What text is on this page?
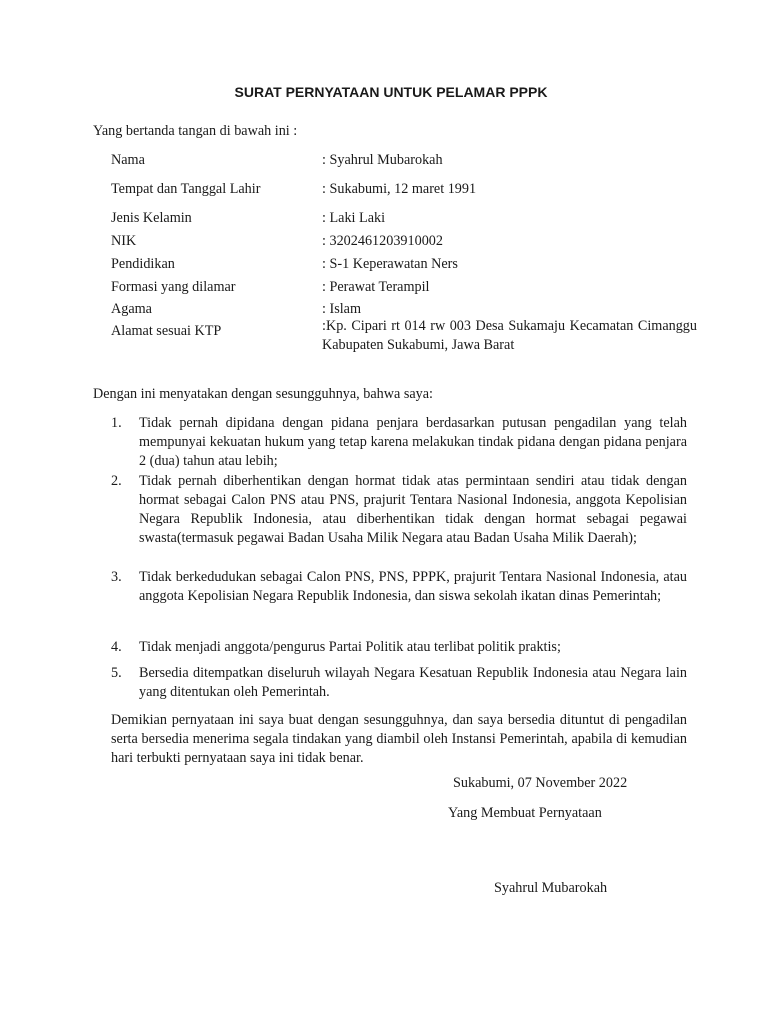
SURAT PERNYATAAN UNTUK PELAMAR PPPK
Yang bertanda tangan di bawah ini :
Nama	: Syahrul Mubarokah
Tempat dan Tanggal Lahir	: Sukabumi, 12 maret 1991
Jenis Kelamin	: Laki Laki
NIK	: 3202461203910002
Pendidikan	: S-1 Keperawatan Ners
Formasi yang dilamar	: Perawat Terampil
Agama	: Islam
Alamat sesuai KTP	:Kp. Cipari rt 014 rw 003 Desa Sukamaju Kecamatan Cimanggu Kabupaten Sukabumi, Jawa Barat
Dengan ini menyatakan dengan sesungguhnya, bahwa saya:
1. Tidak pernah dipidana dengan pidana penjara berdasarkan putusan pengadilan yang telah mempunyai kekuatan hukum yang tetap karena melakukan tindak pidana dengan pidana penjara 2 (dua) tahun atau lebih;
2. Tidak pernah diberhentikan dengan hormat tidak atas permintaan sendiri atau tidak dengan hormat sebagai Calon PNS atau PNS, prajurit Tentara Nasional Indonesia, anggota Kepolisian Negara Republik Indonesia, atau diberhentikan tidak dengan hormat sebagai pegawai swasta(termasuk pegawai Badan Usaha Milik Negara atau Badan Usaha Milik Daerah);
3. Tidak berkedudukan sebagai Calon PNS, PNS, PPPK, prajurit Tentara Nasional Indonesia, atau anggota Kepolisian Negara Republik Indonesia, dan siswa sekolah ikatan dinas Pemerintah;
4. Tidak menjadi anggota/pengurus Partai Politik atau terlibat politik praktis;
5. Bersedia ditempatkan diseluruh wilayah Negara Kesatuan Republik Indonesia atau Negara lain yang ditentukan oleh Pemerintah.
Demikian pernyataan ini saya buat dengan sesungguhnya, dan saya bersedia dituntut di pengadilan serta bersedia menerima segala tindakan yang diambil oleh Instansi Pemerintah, apabila di kemudian hari terbukti pernyataan saya ini tidak benar.
Sukabumi, 07 November 2022
Yang Membuat Pernyataan
Syahrul Mubarokah
